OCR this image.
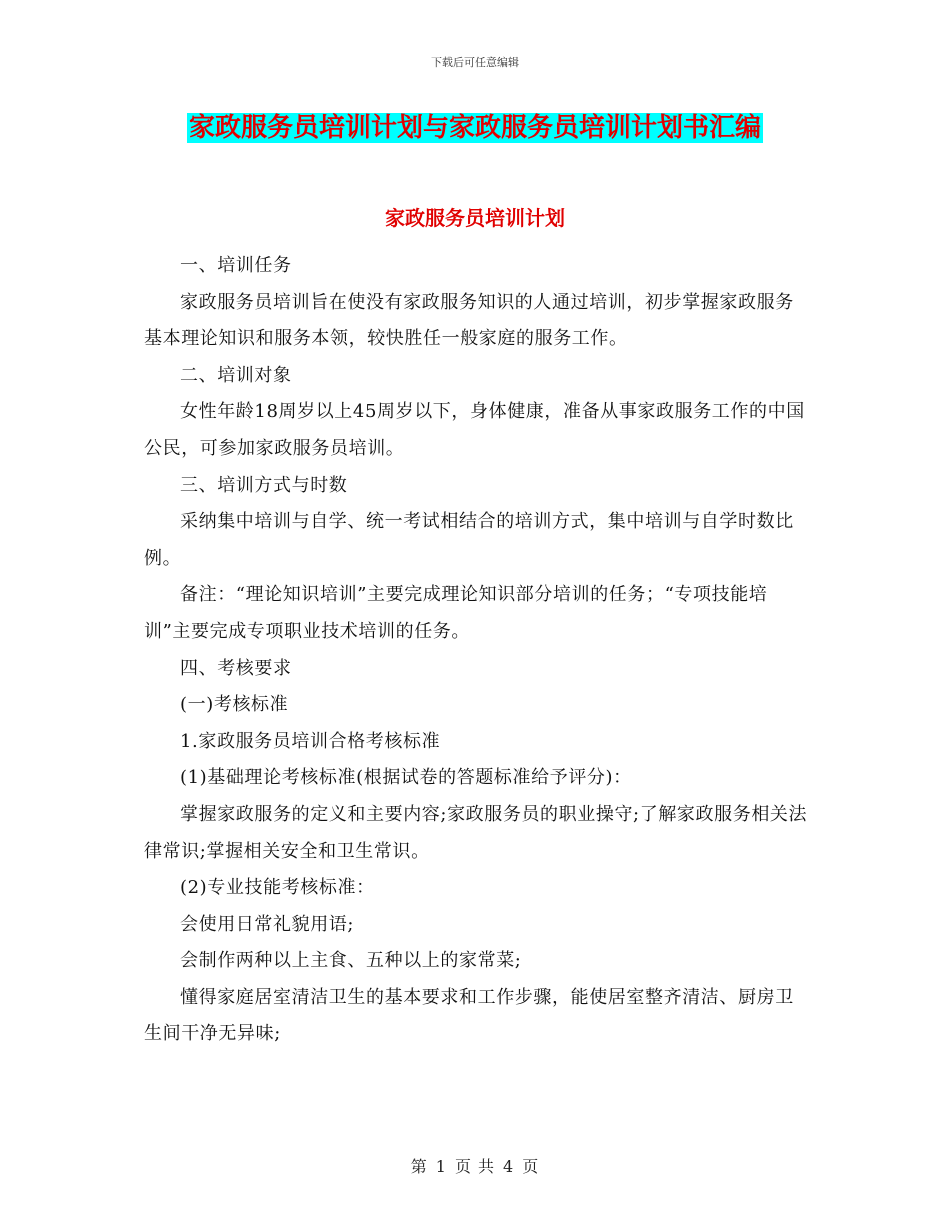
下载后可任意编辑
家政服务员培训计划与家政服务员培训计划书汇编
家政服务员培训计划

一、培训任务

家政服务员培训旨在使没有家政服务知识的人通过培训，初步掌握家政服务基本理论知识和服务本领，较快胜任一般家庭的服务工作。

二、培训对象

女性年龄18周岁以上45周岁以下，身体健康，准备从事家政服务工作的中国公民，可参加家政服务员培训。

三、培训方式与时数

采纳集中培训与自学、统一考试相结合的培训方式，集中培训与自学时数比例。

备注：“理论知识培训”主要完成理论知识部分培训的任务；“专项技能培训”主要完成专项职业技术培训的任务。

四、考核要求

(一)考核标准

1.家政服务员培训合格考核标准

(1)基础理论考核标准(根据试卷的答题标准给予评分)：

掌握家政服务的定义和主要内容;家政服务员的职业操守;了解家政服务相关法律常识;掌握相关安全和卫生常识。

(2)专业技能考核标准：

会使用日常礼貌用语;

会制作两种以上主食、五种以上的家常菜;

懂得家庭居室清洁卫生的基本要求和工作步骤，能使居室整齐清洁、厨房卫生间干净无异味;

第 1 页 共 4 页
